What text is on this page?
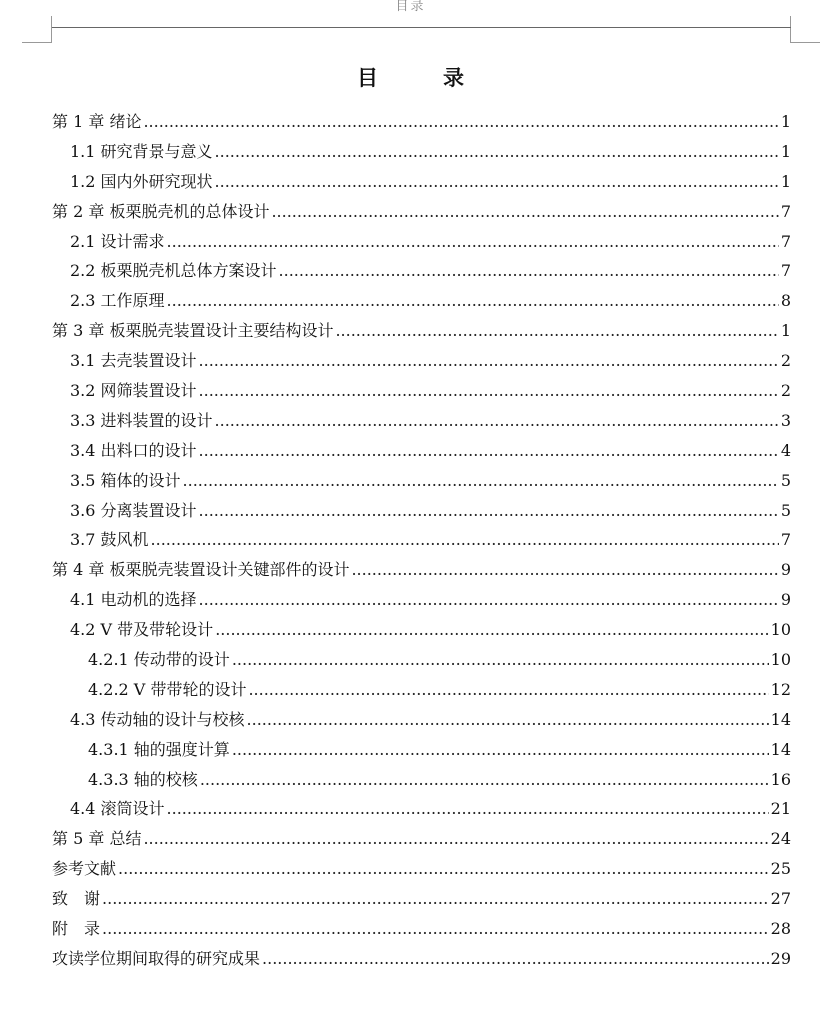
目录
目　录
第 1 章 绪论 .....	1
1.1 研究背景与意义 .....	1
1.2 国内外研究现状 .....	1
第 2 章 板栗脱壳机的总体设计 .....	7
2.1 设计需求 .....	7
2.2 板栗脱壳机总体方案设计 .....	7
2.3 工作原理 .....	8
第 3 章 板栗脱壳装置设计主要结构设计 .....	1
3.1 去壳装置设计 .....	2
3.2 网筛装置设计 .....	2
3.3 进料装置的设计 .....	3
3.4 出料口的设计 .....	4
3.5 箱体的设计 .....	5
3.6 分离装置设计 .....	5
3.7 鼓风机 .....	7
第 4 章 板栗脱壳装置设计关键部件的设计 .....	9
4.1 电动机的选择 .....	9
4.2 V 带及带轮设计 .....	10
4.2.1 传动带的设计 .....	10
4.2.2 V 带带轮的设计 .....	12
4.3 传动轴的设计与校核 .....	14
4.3.1 轴的强度计算 .....	14
4.3.3 轴的校核 .....	16
4.4 滚筒设计 .....	21
第 5 章 总结 .....	24
参考文献 .....	25
致　谢 .....	27
附　录 .....	28
攻读学位期间取得的研究成果 .....	29
